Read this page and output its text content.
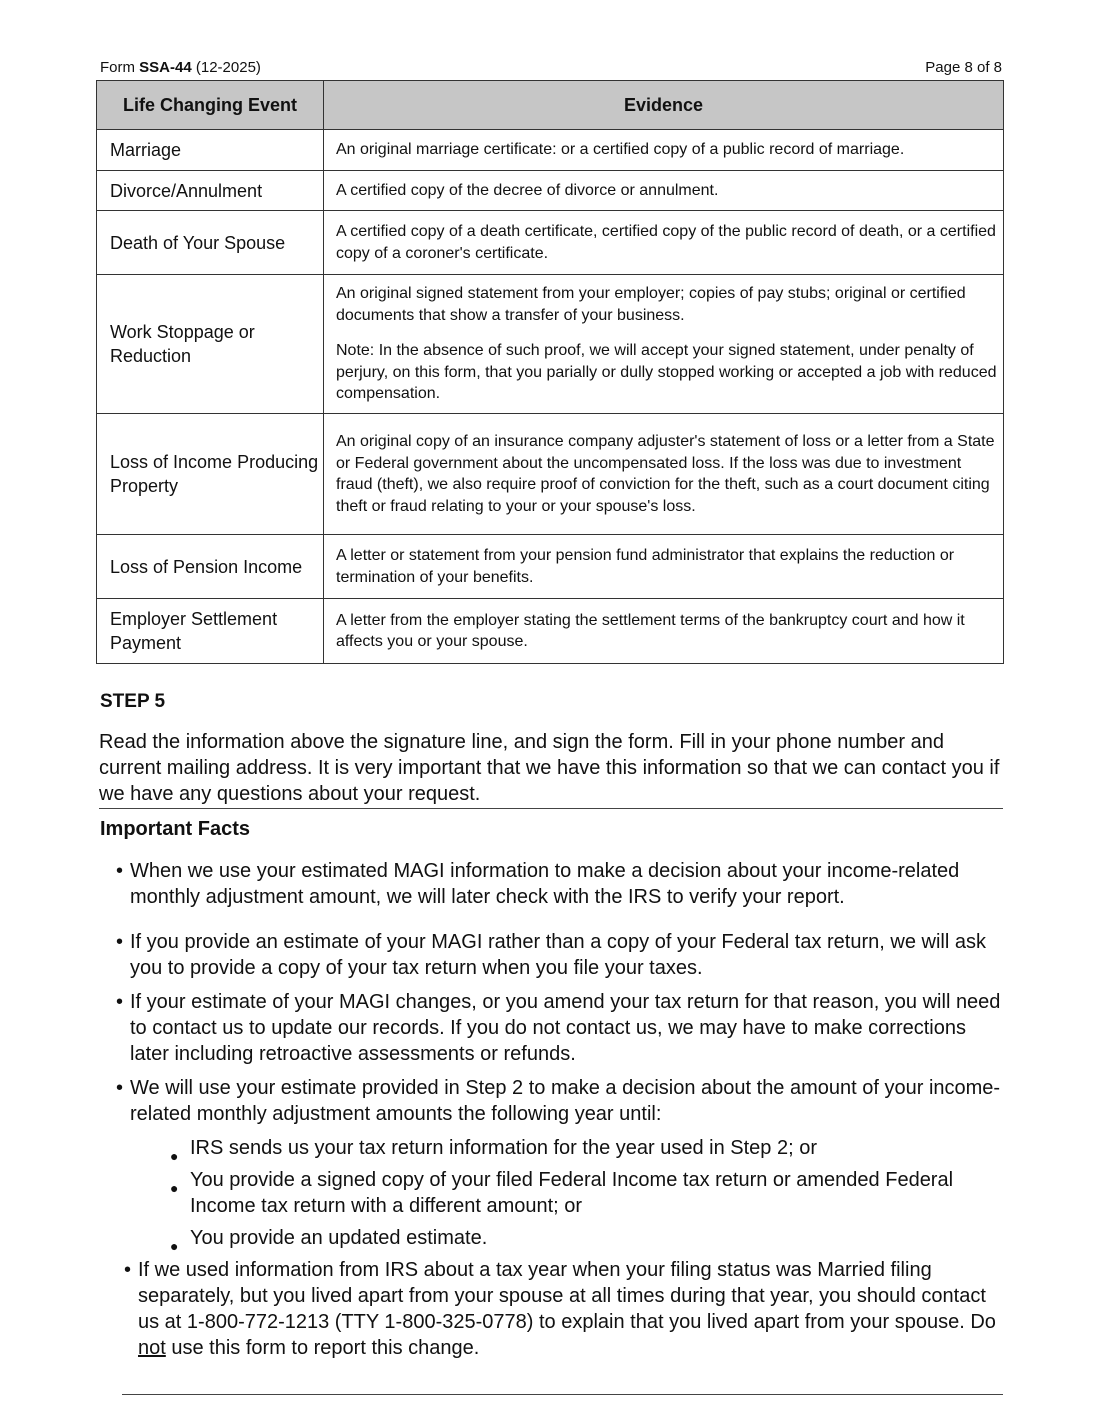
Form SSA-44 (12-2025)	Page 8 of 8
Life Changing Event	Evidence
Marriage	An original marriage certificate: or a certified copy of a public record of marriage.

Divorce/Annulment	A certified copy of the decree of divorce or annulment.

Death of Your Spouse	A certified copy of a death certificate, certified copy of the public record of death, or a certified copy of a coroner's certificate.

Work Stoppage or Reduction	An original signed statement from your employer; copies of pay stubs; original or certified documents that show a transfer of your business.

Note: In the absence of such proof, we will accept your signed statement, under penalty of perjury, on this form, that you parially or dully stopped working or accepted a job with reduced compensation.

Loss of Income Producing Property	An original copy of an insurance company adjuster's statement of loss or a letter from a State or Federal government about the uncompensated loss. If the loss was due to investment fraud (theft), we also require proof of conviction for the theft, such as a court document citing theft or fraud relating to your or your spouse's loss.

Loss of Pension Income	A letter or statement from your pension fund administrator that explains the reduction or termination of your benefits.

Employer Settlement Payment	A letter from the employer stating the settlement terms of the bankruptcy court and how it affects you or your spouse.

STEP 5
Read the information above the signature line, and sign the form. Fill in your phone number and current mailing address. It is very important that we have this information so that we can contact you if we have any questions about your request.
Important Facts
• When we use your estimated MAGI information to make a decision about your income-related monthly adjustment amount, we will later check with the IRS to verify your report.
• If you provide an estimate of your MAGI rather than a copy of your Federal tax return, we will ask you to provide a copy of your tax return when you file your taxes.
• If your estimate of your MAGI changes, or you amend your tax return for that reason, you will need to contact us to update our records. If you do not contact us, we may have to make corrections later including retroactive assessments or refunds.
• We will use your estimate provided in Step 2 to make a decision about the amount of your income-related monthly adjustment amounts the following year until:
● IRS sends us your tax return information for the year used in Step 2; or
● You provide a signed copy of your filed Federal Income tax return or amended Federal Income tax return with a different amount; or
● You provide an updated estimate.
• If we used information from IRS about a tax year when your filing status was Married filing separately, but you lived apart from your spouse at all times during that year, you should contact us at 1-800-772-1213 (TTY 1-800-325-0778) to explain that you lived apart from your spouse. Do not use this form to report this change.
